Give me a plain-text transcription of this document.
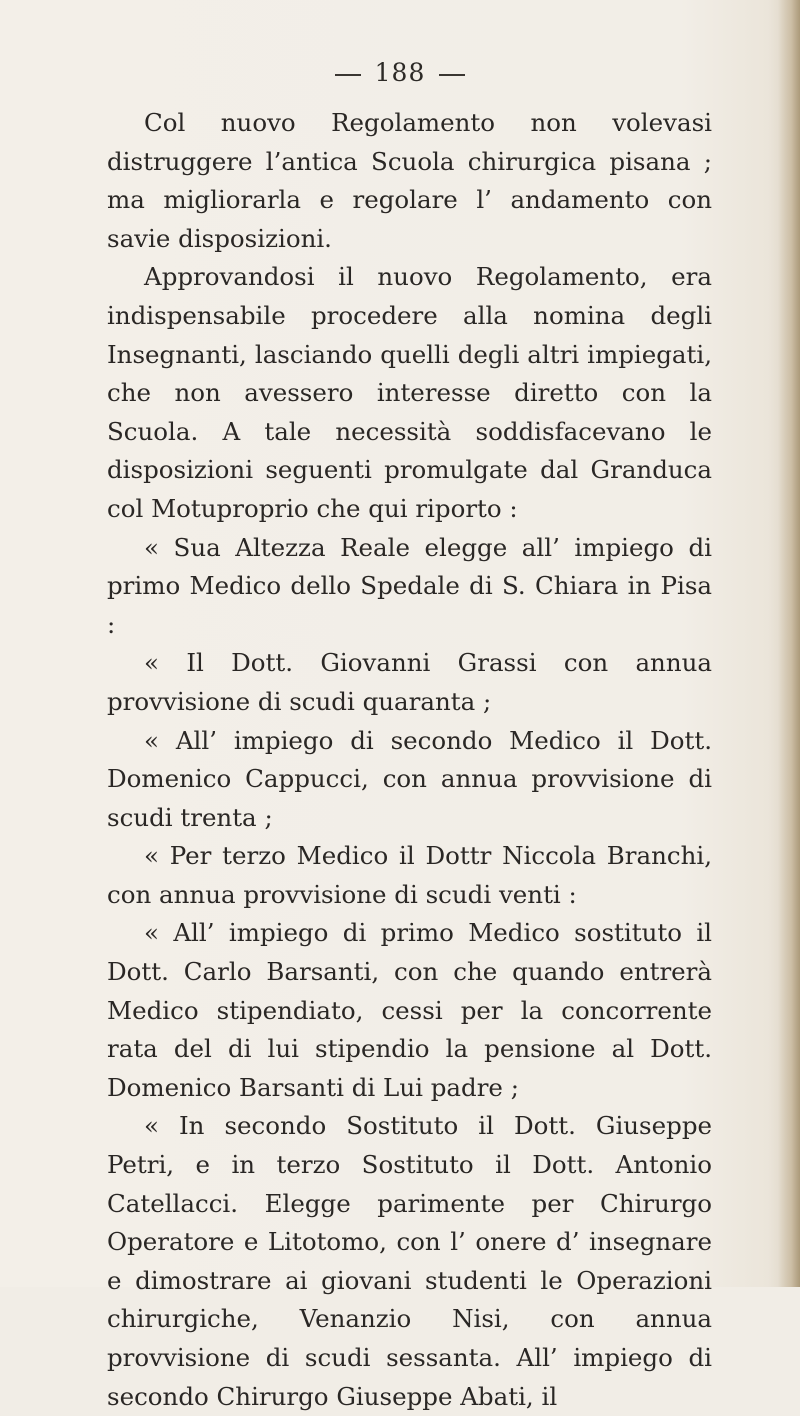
188

Col nuovo Regolamento non volevasi distruggere l’antica Scuola chirurgica pisana ; ma migliorarla e regolare l’ andamento con savie disposizioni.

Approvandosi il nuovo Regolamento, era indispensabile procedere alla nomina degli Insegnanti, lasciando quelli degli altri impiegati, che non avessero interesse diretto con la Scuola. A tale necessità soddisfacevano le disposizioni seguenti promulgate dal Granduca col Motuproprio che qui riporto :

« Sua Altezza Reale elegge all’ impiego di primo Medico dello Spedale di S. Chiara in Pisa :

« Il Dott. Giovanni Grassi con annua provvisione di scudi quaranta ;

« All’ impiego di secondo Medico il Dott. Domenico Cappucci, con annua provvisione di scudi trenta ;

« Per terzo Medico il Dottr Niccola Branchi, con annua provvisione di scudi venti :

« All’ impiego di primo Medico sostituto il Dott. Carlo Barsanti, con che quando entrerà Medico stipendiato, cessi per la concorrente rata del di lui stipendio la pensione al Dott. Domenico Barsanti di Lui padre ;

« In secondo Sostituto il Dott. Giuseppe Petri, e in terzo Sostituto il Dott. Antonio Catellacci. Elegge parimente per Chirurgo Operatore e Litotomo, con l’ onere d’ insegnare e dimostrare ai giovani studenti le Operazioni chirurgiche, Venanzio Nisi, con annua provvisione di scudi sessanta. All’ impiego di secondo Chirurgo Giuseppe Abati, il
